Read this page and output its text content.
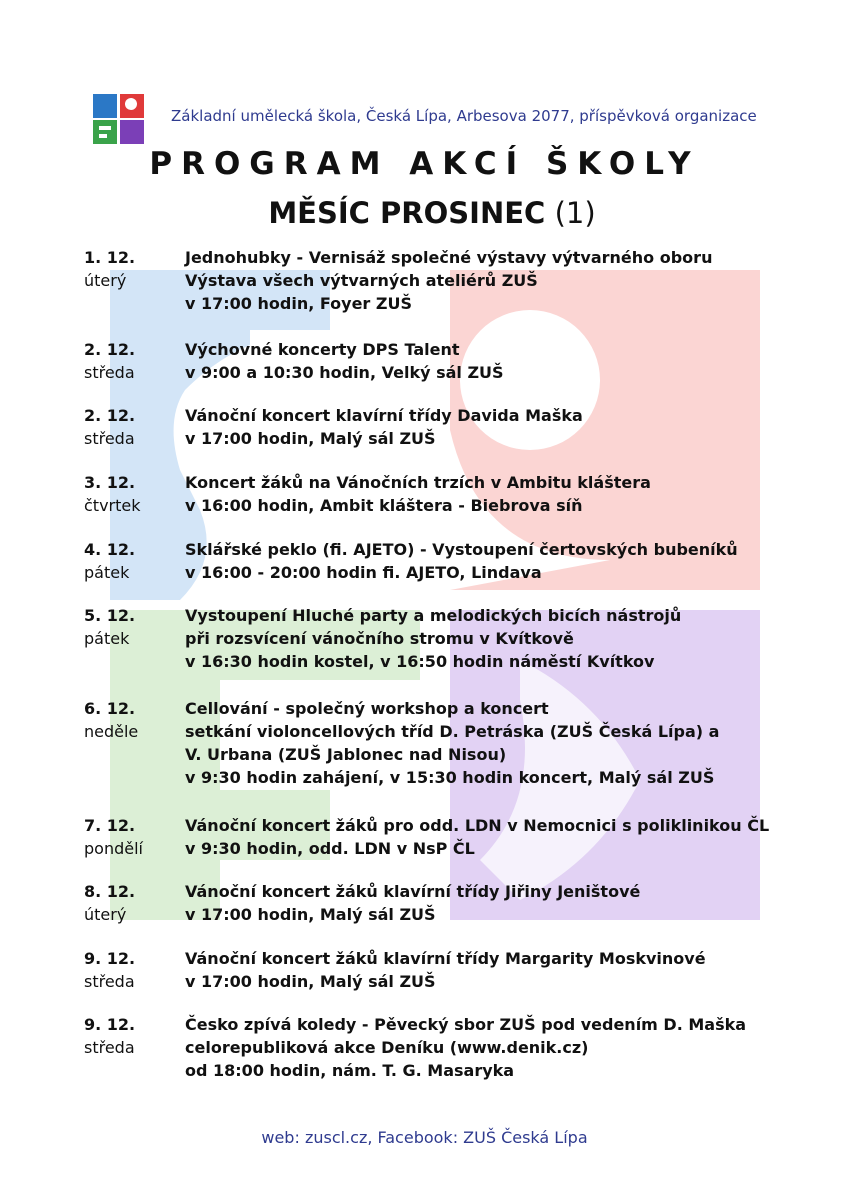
Základní umělecká škola, Česká Lípa, Arbesova 2077, příspěvková organizace
PROGRAM AKCÍ ŠKOLY
MĚSÍC PROSINEC (1)
1. 12.
úterý
Jednohubky - Vernisáž společné výstavy výtvarného oboru
Výstava všech výtvarných ateliérů ZUŠ
v 17:00 hodin, Foyer ZUŠ
2. 12.
středa
Výchovné koncerty DPS Talent
v 9:00 a 10:30 hodin, Velký sál ZUŠ
2. 12.
středa
Vánoční koncert klavírní třídy Davida Maška
v 17:00 hodin, Malý sál ZUŠ
3. 12.
čtvrtek
Koncert žáků na Vánočních trzích v Ambitu kláštera
v 16:00 hodin, Ambit kláštera - Biebrova síň
4. 12.
pátek
Sklářské peklo (fi. AJETO) - Vystoupení čertovských bubeníků
v 16:00 - 20:00 hodin fi. AJETO, Lindava
5. 12.
pátek
Vystoupení Hluché party a melodických bicích nástrojů
při rozsvícení vánočního stromu v Kvítkově
v 16:30 hodin kostel, v 16:50 hodin náměstí Kvítkov
6. 12.
neděle
Cellování - společný workshop a koncert
setkání violoncellových tříd D. Petráska (ZUŠ Česká Lípa) a
V. Urbana (ZUŠ Jablonec nad Nisou)
v 9:30 hodin zahájení, v 15:30 hodin koncert, Malý sál ZUŠ
7. 12.
pondělí
Vánoční koncert žáků pro odd. LDN v Nemocnici s poliklinikou ČL
v 9:30 hodin, odd. LDN v NsP ČL
8. 12.
úterý
Vánoční koncert žáků klavírní třídy Jiřiny Jeništové
v 17:00 hodin, Malý sál ZUŠ
9. 12.
středa
Vánoční koncert žáků klavírní třídy Margarity Moskvinové
v 17:00 hodin, Malý sál ZUŠ
9. 12.
středa
Česko zpívá koledy - Pěvecký sbor ZUŠ pod vedením D. Maška
celorepubliková akce Deníku (www.denik.cz)
od 18:00 hodin, nám. T. G. Masaryka
web: zuscl.cz, Facebook: ZUŠ Česká Lípa
